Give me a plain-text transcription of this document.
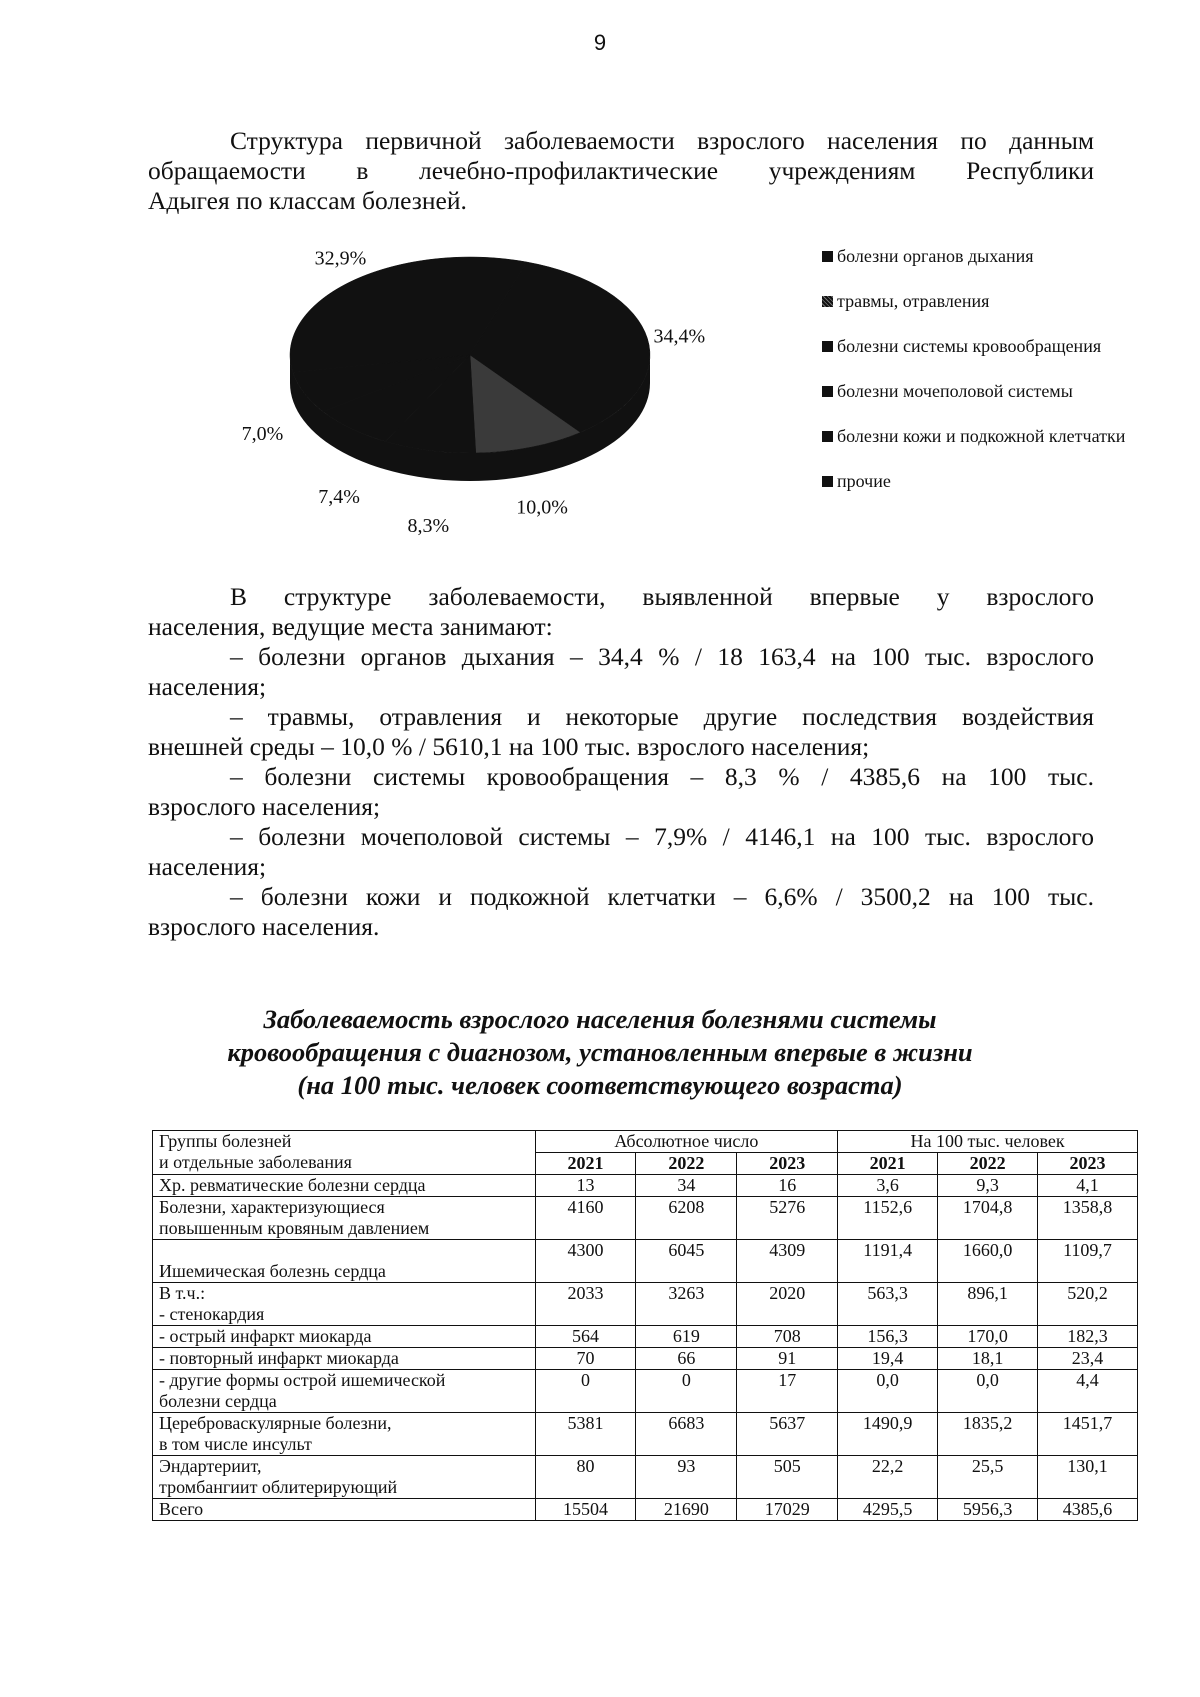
9

Структура первичной заболеваемости взрослого населения по данным
обращаемости в лечебно-профилактические учреждениям Республики
Адыгея по классам болезней.

34,4%
10,0%
8,3%
7,4%
7,0%
32,9%	болезни органов дыхания
травмы, отравления
болезни системы кровообращения
болезни мочеполовой системы
болезни кожи и подкожной клетчатки
прочие

В структуре заболеваемости, выявленной впервые у взрослого
населения, ведущие места занимают:
– болезни органов дыхания – 34,4 % / 18 163,4 на 100 тыс. взрослого
населения;
– травмы, отравления и некоторые другие последствия воздействия
внешней среды – 10,0 % / 5610,1 на 100 тыс. взрослого населения;
– болезни системы кровообращения – 8,3 % / 4385,6 на 100 тыс.
взрослого населения;
– болезни мочеполовой системы – 7,9% / 4146,1 на 100 тыс. взрослого
населения;
– болезни кожи и подкожной клетчатки – 6,6% / 3500,2 на 100 тыс.
взрослого населения.

Заболеваемость взрослого населения болезнями системы
кровообращения с диагнозом, установленным впервые в жизни
(на 100 тыс. человек соответствующего возраста)
Группы болезней
и отдельные заболевания	Абсолютное число			На 100 тыс. человек		
	2021	2022	2023	2021	2022	2023

Хр. ревматические болезни сердца	13	34	16	3,6	9,3	4,1

Болезни, характеризующиеся
повышенным кровяным давлением	4160	6208	5276	1152,6	1704,8	1358,8

Ишемическая болезнь сердца	4300	6045	4309	1191,4	1660,0	1109,7

В т.ч.:
- стенокардия	2033	3263	2020	563,3	896,1	520,2

- острый инфаркт миокарда	564	619	708	156,3	170,0	182,3

- повторный инфаркт миокарда	70	66	91	19,4	18,1	23,4

- другие формы острой ишемической
болезни сердца	0	0	17	0,0	0,0	4,4

Цереброваскулярные болезни,
в том числе инсульт	5381	6683	5637	1490,9	1835,2	1451,7

Эндартериит,
тромбангиит облитерирующий	80	93	505	22,2	25,5	130,1

Всего	15504	21690	17029	4295,5	5956,3	4385,6
